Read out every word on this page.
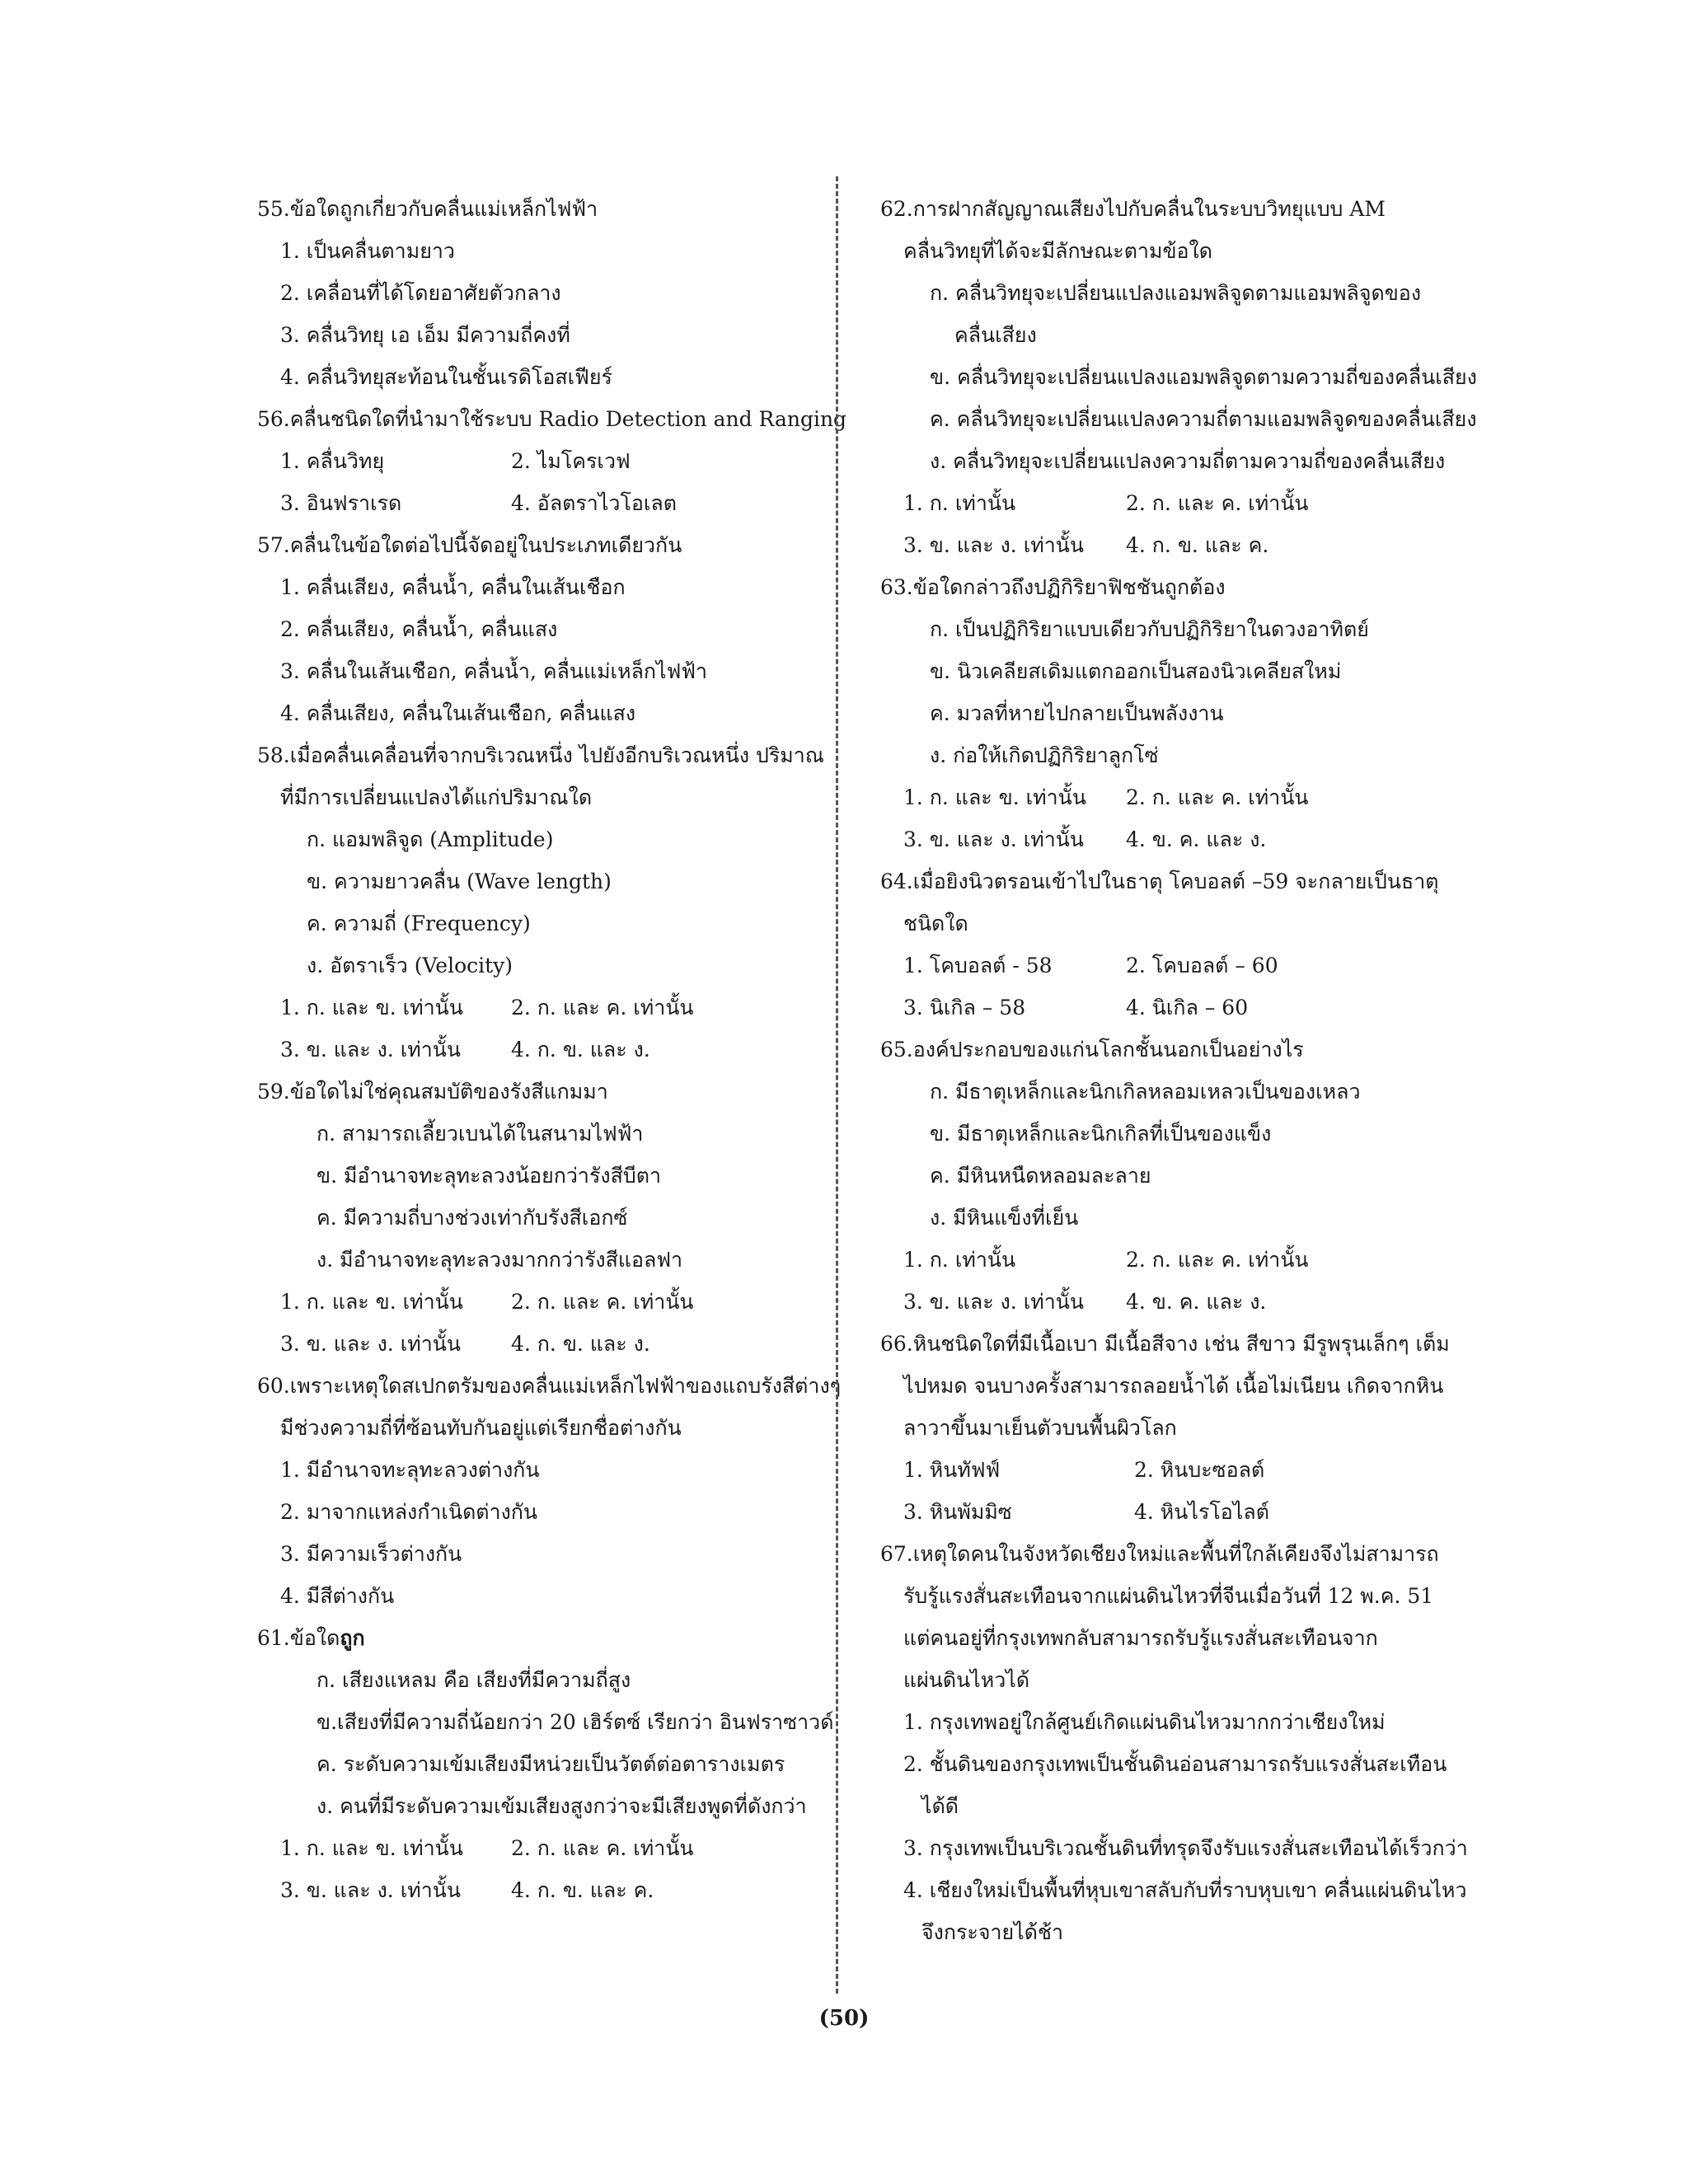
55.ข้อใดถูกเกี่ยวกับคลื่นแม่เหล็กไฟฟ้า
1. เป็นคลื่นตามยาว
2. เคลื่อนที่ได้โดยอาศัยตัวกลาง
3. คลื่นวิทยุ เอ เอ็ม มีความถี่คงที่
4. คลื่นวิทยุสะท้อนในชั้นเรดิโอสเฟียร์
56.คลื่นชนิดใดที่นำมาใช้ระบบ Radio Detection and Ranging
1. คลื่นวิทยุ	2. ไมโครเวฟ
3. อินฟราเรด	4. อัลตราไวโอเลต
57.คลื่นในข้อใดต่อไปนี้จัดอยู่ในประเภทเดียวกัน
1. คลื่นเสียง, คลื่นน้ำ, คลื่นในเส้นเชือก
2. คลื่นเสียง, คลื่นน้ำ, คลื่นแสง
3. คลื่นในเส้นเชือก, คลื่นน้ำ, คลื่นแม่เหล็กไฟฟ้า
4. คลื่นเสียง, คลื่นในเส้นเชือก, คลื่นแสง
58.เมื่อคลื่นเคลื่อนที่จากบริเวณหนึ่ง ไปยังอีกบริเวณหนึ่ง ปริมาณ
ที่มีการเปลี่ยนแปลงได้แก่ปริมาณใด
ก. แอมพลิจูด (Amplitude)
ข. ความยาวคลื่น (Wave length)
ค. ความถี่ (Frequency)
ง. อัตราเร็ว (Velocity)
1. ก. และ ข. เท่านั้น	2. ก. และ ค. เท่านั้น
3. ข. และ ง. เท่านั้น	4. ก. ข. และ ง.
59.ข้อใดไม่ใช่คุณสมบัติของรังสีแกมมา
ก. สามารถเลี้ยวเบนได้ในสนามไฟฟ้า
ข. มีอำนาจทะลุทะลวงน้อยกว่ารังสีบีตา
ค. มีความถี่บางช่วงเท่ากับรังสีเอกซ์
ง. มีอำนาจทะลุทะลวงมากกว่ารังสีแอลฟา
1. ก. และ ข. เท่านั้น	2. ก. และ ค. เท่านั้น
3. ข. และ ง. เท่านั้น	4. ก. ข. และ ง.
60.เพราะเหตุใดสเปกตรัมของคลื่นแม่เหล็กไฟฟ้าของแถบรังสีต่างๆ
มีช่วงความถี่ที่ซ้อนทับกันอยู่แต่เรียกชื่อต่างกัน
1. มีอำนาจทะลุทะลวงต่างกัน
2. มาจากแหล่งกำเนิดต่างกัน
3. มีความเร็วต่างกัน
4. มีสีต่างกัน
61.ข้อใดถูก
ก. เสียงแหลม คือ เสียงที่มีความถี่สูง
ข.เสียงที่มีความถี่น้อยกว่า 20 เฮิร์ตซ์ เรียกว่า อินฟราซาวด์
ค. ระดับความเข้มเสียงมีหน่วยเป็นวัตต์ต่อตารางเมตร
ง. คนที่มีระดับความเข้มเสียงสูงกว่าจะมีเสียงพูดที่ดังกว่า
1. ก. และ ข. เท่านั้น	2. ก. และ ค. เท่านั้น
3. ข. และ ง. เท่านั้น	4. ก. ข. และ ค.
62.การฝากสัญญาณเสียงไปกับคลื่นในระบบวิทยุแบบ AM
คลื่นวิทยุที่ได้จะมีลักษณะตามข้อใด
ก. คลื่นวิทยุจะเปลี่ยนแปลงแอมพลิจูดตามแอมพลิจูดของ
คลื่นเสียง
ข. คลื่นวิทยุจะเปลี่ยนแปลงแอมพลิจูดตามความถี่ของคลื่นเสียง
ค. คลื่นวิทยุจะเปลี่ยนแปลงความถี่ตามแอมพลิจูดของคลื่นเสียง
ง. คลื่นวิทยุจะเปลี่ยนแปลงความถี่ตามความถี่ของคลื่นเสียง
1. ก. เท่านั้น	2. ก. และ ค. เท่านั้น
3. ข. และ ง. เท่านั้น	4. ก. ข. และ ค.
63.ข้อใดกล่าวถึงปฏิกิริยาฟิชชันถูกต้อง
ก. เป็นปฏิกิริยาแบบเดียวกับปฏิกิริยาในดวงอาทิตย์
ข. นิวเคลียสเดิมแตกออกเป็นสองนิวเคลียสใหม่
ค. มวลที่หายไปกลายเป็นพลังงาน
ง. ก่อให้เกิดปฏิกิริยาลูกโซ่
1. ก. และ ข. เท่านั้น	2. ก. และ ค. เท่านั้น
3. ข. และ ง. เท่านั้น	4. ข. ค. และ ง.
64.เมื่อยิงนิวตรอนเข้าไปในธาตุ โคบอลต์ –59 จะกลายเป็นธาตุ
ชนิดใด
1. โคบอลต์ - 58	2. โคบอลต์ – 60
3. นิเกิล – 58	4. นิเกิล – 60
65.องค์ประกอบของแก่นโลกชั้นนอกเป็นอย่างไร
ก. มีธาตุเหล็กและนิกเกิลหลอมเหลวเป็นของเหลว
ข. มีธาตุเหล็กและนิกเกิลที่เป็นของแข็ง
ค. มีหินหนืดหลอมละลาย
ง. มีหินแข็งที่เย็น
1. ก. เท่านั้น	2. ก. และ ค. เท่านั้น
3. ข. และ ง. เท่านั้น	4. ข. ค. และ ง.
66.หินชนิดใดที่มีเนื้อเบา มีเนื้อสีจาง เช่น สีขาว มีรูพรุนเล็กๆ เต็ม
ไปหมด จนบางครั้งสามารถลอยน้ำได้ เนื้อไม่เนียน เกิดจากหิน
ลาวาขึ้นมาเย็นตัวบนพื้นผิวโลก
1. หินทัฟฟ์	2. หินบะซอลต์
3. หินพัมมิซ	4. หินไรโอไลต์
67.เหตุใดคนในจังหวัดเชียงใหม่และพื้นที่ใกล้เคียงจึงไม่สามารถ
รับรู้แรงสั่นสะเทือนจากแผ่นดินไหวที่จีนเมื่อวันที่ 12 พ.ค. 51
แต่คนอยู่ที่กรุงเทพกลับสามารถรับรู้แรงสั่นสะเทือนจาก
แผ่นดินไหวได้
1. กรุงเทพอยู่ใกล้ศูนย์เกิดแผ่นดินไหวมากกว่าเชียงใหม่
2. ชั้นดินของกรุงเทพเป็นชั้นดินอ่อนสามารถรับแรงสั่นสะเทือน
ได้ดี
3. กรุงเทพเป็นบริเวณชั้นดินที่ทรุดจึงรับแรงสั่นสะเทือนได้เร็วกว่า
4. เชียงใหม่เป็นพื้นที่หุบเขาสลับกับที่ราบหุบเขา คลื่นแผ่นดินไหว
จึงกระจายได้ช้า
(50)
